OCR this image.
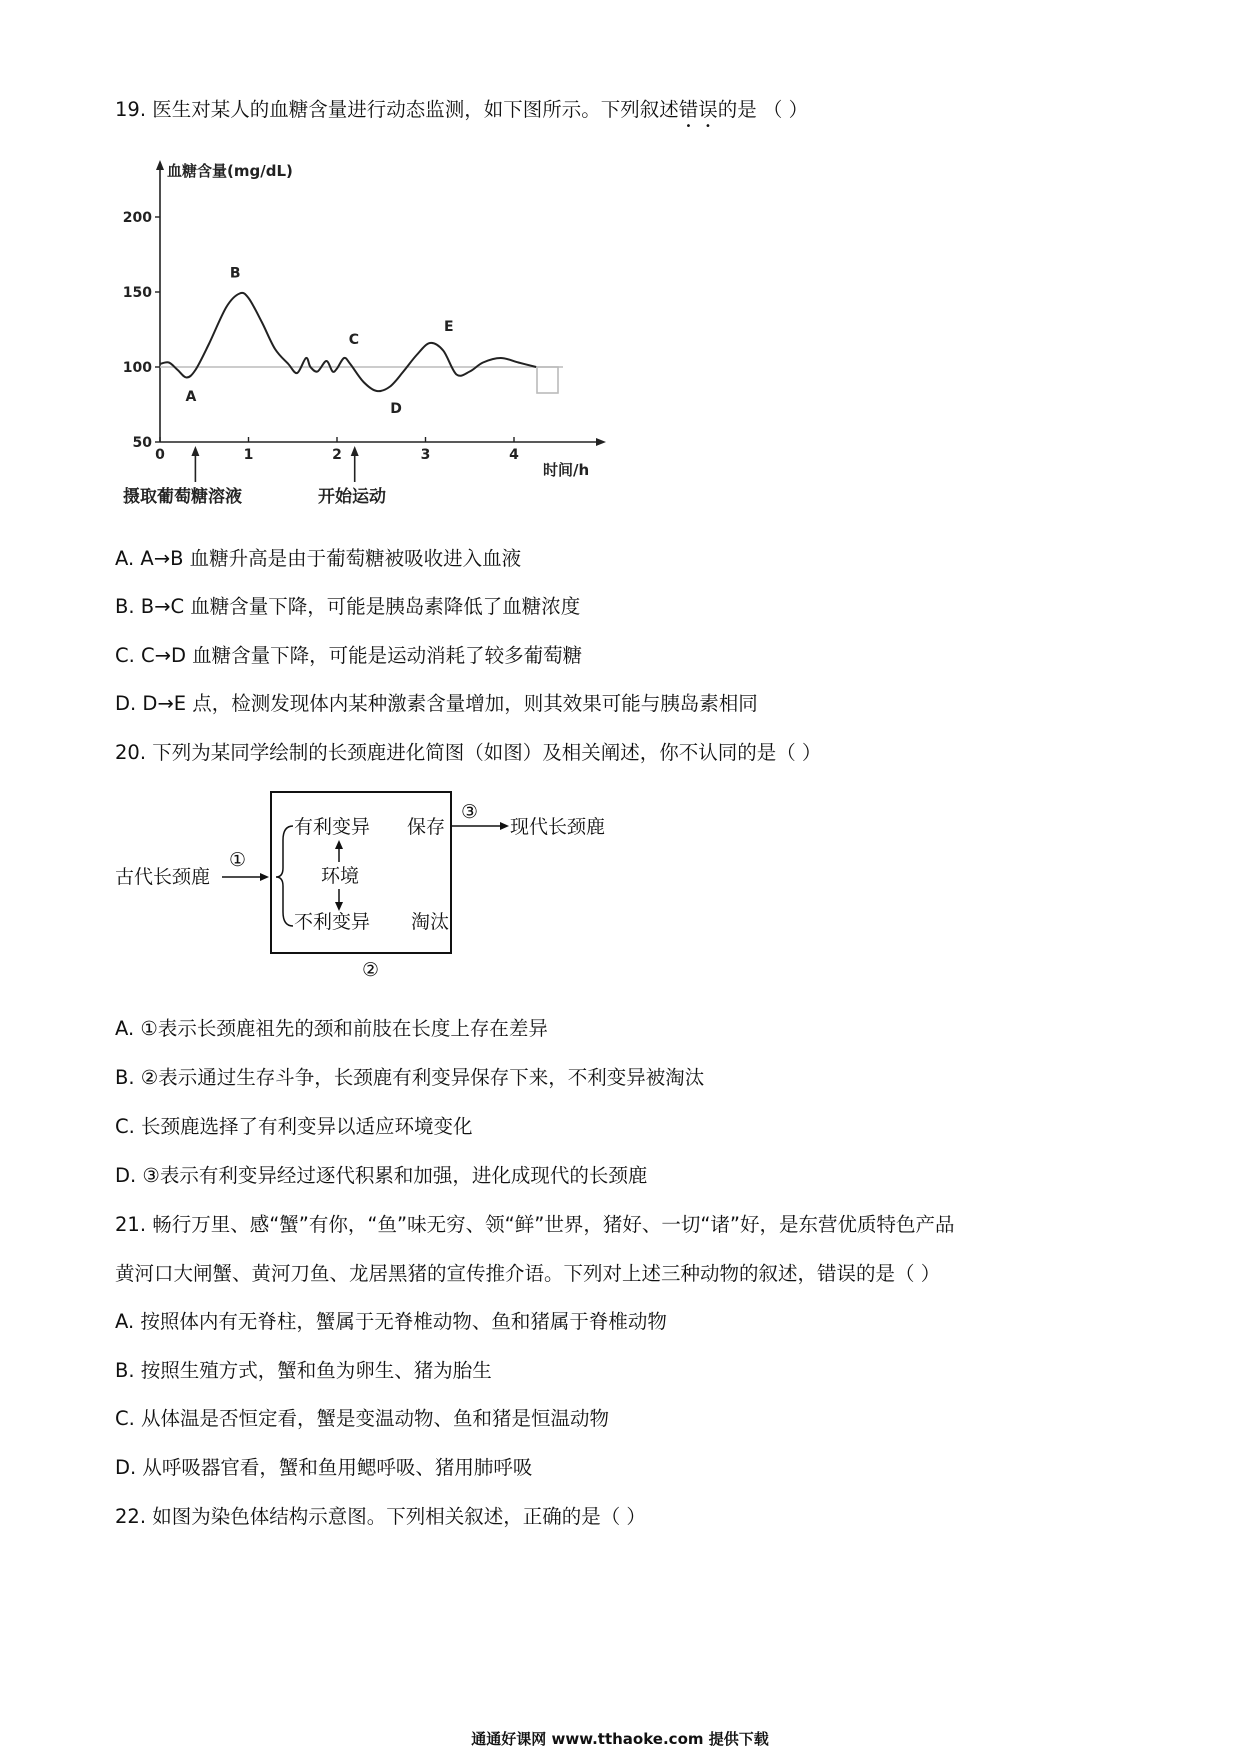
19. 医生对某人的血糖含量进行动态监测，如下图所示。下列叙述错误的是 （ ）
血糖含量(mg/dL)
时间/h
200
150
100
50
0	1	2	3	4
A
B
C
D
E
摄取葡萄糖溶液	开始运动
古代长颈鹿
①
有利变异
不利变异
环境
保存
淘汰
③
现代长颈鹿
②
A. A→B 血糖升高是由于葡萄糖被吸收进入血液
B. B→C 血糖含量下降，可能是胰岛素降低了血糖浓度
C. C→D 血糖含量下降，可能是运动消耗了较多葡萄糖
D. D→E 点，检测发现体内某种激素含量增加，则其效果可能与胰岛素相同
20. 下列为某同学绘制的长颈鹿进化简图（如图）及相关阐述，你不认同的是（ ）
A. ①表示长颈鹿祖先的颈和前肢在长度上存在差异
B. ②表示通过生存斗争，长颈鹿有利变异保存下来，不利变异被淘汰
C. 长颈鹿选择了有利变异以适应环境变化
D. ③表示有利变异经过逐代积累和加强，进化成现代的长颈鹿
21. 畅行万里、感“蟹”有你，“鱼”味无穷、领“鲜”世界，猪好、一切“诸”好，是东营优质特色产品
黄河口大闸蟹、黄河刀鱼、龙居黑猪的宣传推介语。下列对上述三种动物的叙述，错误的是（ ）
A. 按照体内有无脊柱，蟹属于无脊椎动物、鱼和猪属于脊椎动物
B. 按照生殖方式，蟹和鱼为卵生、猪为胎生
C. 从体温是否恒定看，蟹是变温动物、鱼和猪是恒温动物
D. 从呼吸器官看，蟹和鱼用鳃呼吸、猪用肺呼吸
22. 如图为染色体结构示意图。下列相关叙述，正确的是（ ）
通通好课网 www.tthaoke.com 提供下载
